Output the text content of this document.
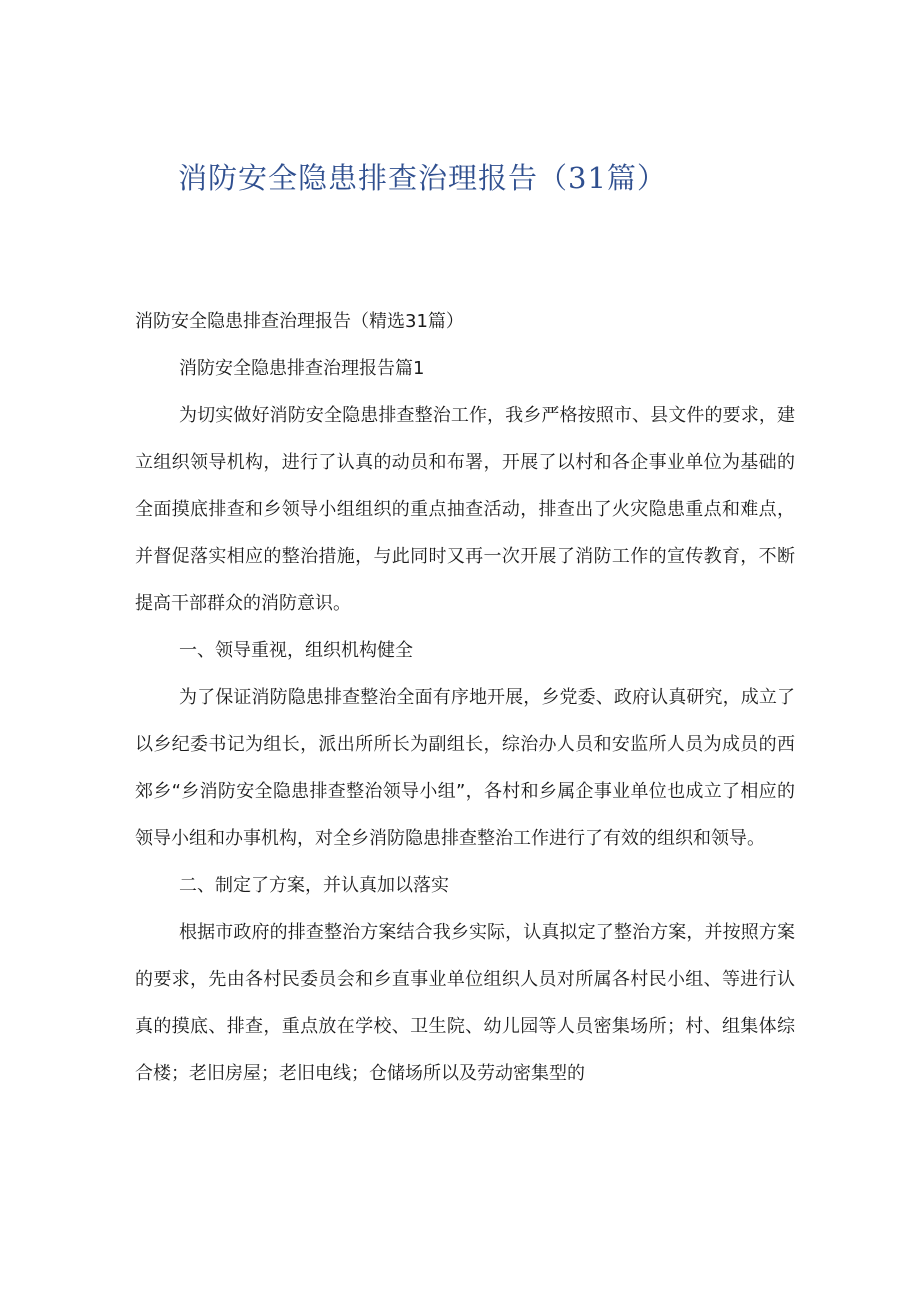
消防安全隐患排查治理报告（31篇）

消防安全隐患排查治理报告（精选31篇）

消防安全隐患排查治理报告篇1

为切实做好消防安全隐患排查整治工作，我乡严格按照市、县文件的要求，建立组织领导机构，进行了认真的动员和布署，开展了以村和各企事业单位为基础的全面摸底排查和乡领导小组组织的重点抽查活动，排查出了火灾隐患重点和难点，并督促落实相应的整治措施，与此同时又再一次开展了消防工作的宣传教育，不断提高干部群众的消防意识。

一、领导重视，组织机构健全

为了保证消防隐患排查整治全面有序地开展，乡党委、政府认真研究，成立了以乡纪委书记为组长，派出所所长为副组长，综治办人员和安监所人员为成员的西郊乡“乡消防安全隐患排查整治领导小组”，各村和乡属企事业单位也成立了相应的领导小组和办事机构，对全乡消防隐患排查整治工作进行了有效的组织和领导。

二、制定了方案，并认真加以落实

根据市政府的排查整治方案结合我乡实际，认真拟定了整治方案，并按照方案的要求，先由各村民委员会和乡直事业单位组织人员对所属各村民小组、等进行认真的摸底、排查，重点放在学校、卫生院、幼儿园等人员密集场所；村、组集体综合楼；老旧房屋；老旧电线；仓储场所以及劳动密集型的
